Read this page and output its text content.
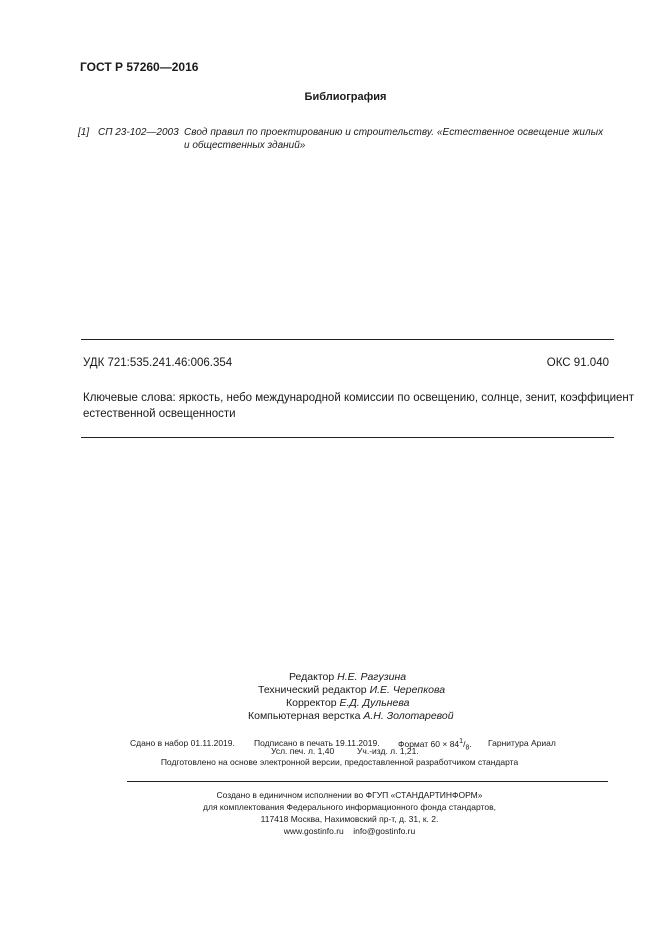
ГОСТ Р 57260—2016
Библиография
[1] СП 23-102—2003 Свод правил по проектированию и строительству. «Естественное освещение жилых
и общественных зданий»
УДК 721:535.241.46:006.354	ОКС 91.040
Ключевые слова: яркость, небо международной комиссии по освещению, солнце, зенит, коэффициент
естественной освещенности
Редактор Н.Е. Рагузина
Технический редактор И.Е. Черепкова
Корректор Е.Д. Дульнева
Компьютерная верстка А.Н. Золотаревой
Сдано в набор 01.11.2019. Подписано в печать 19.11.2019. Формат $60 \times 84^1/_8$. Гарнитура Ариал
Усл. печ. л. 1,40	Уч.-изд. л. 1,21.
Подготовлено на основе электронной версии, предоставленной разработчиком стандарта
Создано в единичном исполнении во ФГУП «СТАНДАРТИНФОРМ»
для комплектования Федерального информационного фонда стандартов,
117418 Москва, Нахимовский пр-т, д. 31, к. 2.
www.gostinfo.ru info@gostinfo.ru
